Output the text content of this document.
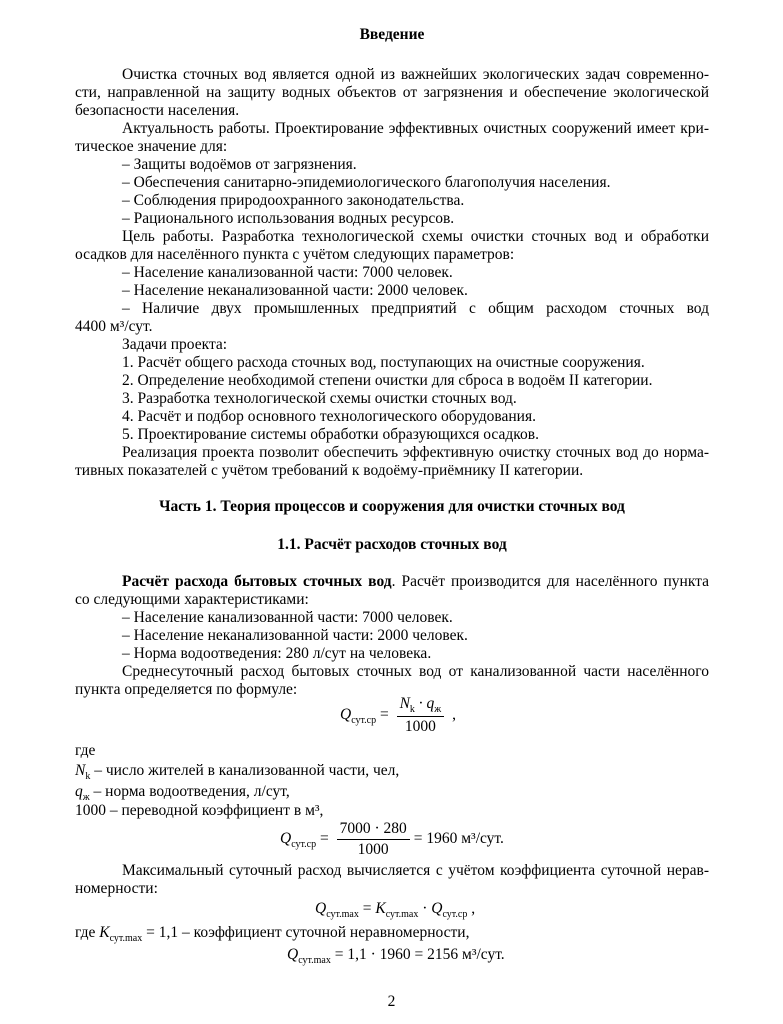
Введение
Очистка сточных вод является одной из важнейших экологических задач современно-
сти, направленной на защиту водных объектов от загрязнения и обеспечение экологической
безопасности населения.
Актуальность работы. Проектирование эффективных очистных сооружений имеет кри-
тическое значение для:
– Защиты водоёмов от загрязнения.
– Обеспечения санитарно-эпидемиологического благополучия населения.
– Соблюдения природоохранного законодательства.
– Рационального использования водных ресурсов.
Цель работы. Разработка технологической схемы очистки сточных вод и обработки
осадков для населённого пункта с учётом следующих параметров:
– Население канализованной части: 7000 человек.
– Население неканализованной части: 2000 человек.
– Наличие двух промышленных предприятий с общим расходом сточных вод
4400 м³/сут.
Задачи проекта:
1. Расчёт общего расхода сточных вод, поступающих на очистные сооружения.
2. Определение необходимой степени очистки для сброса в водоём II категории.
3. Разработка технологической схемы очистки сточных вод.
4. Расчёт и подбор основного технологического оборудования.
5. Проектирование системы обработки образующихся осадков.
Реализация проекта позволит обеспечить эффективную очистку сточных вод до норма-
тивных показателей с учётом требований к водоёму-приёмнику II категории.
Часть 1. Теория процессов и сооружения для очистки сточных вод
1.1. Расчёт расходов сточных вод
Расчёт расхода бытовых сточных вод. Расчёт производится для населённого пункта
со следующими характеристиками:
– Население канализованной части: 7000 человек.
– Население неканализованной части: 2000 человек.
– Норма водоотведения: 280 л/сут на человека.
Среднесуточный расход бытовых сточных вод от канализованной части населённого
пункта определяется по формуле:
$Q_{сут.ср} = \frac{N_k \cdot q_ж}{1000}$ ,
где
$N_k$ – число жителей в канализованной части, чел,
$q_ж$ – норма водоотведения, л/сут,
1000 – переводной коэффициент в м³,
$Q_{сут.ср} = \frac{7000 \cdot 280}{1000} = 1960$ м³/сут.
Максимальный суточный расход вычисляется с учётом коэффициента суточной нерав-
номерности:
$Q_{сут.max} = K_{сут.max} \cdot Q_{сут.ср}$ ,
где $K_{сут.max} = 1,1$ – коэффициент суточной неравномерности,
$Q_{сут.max} = 1,1 \cdot 1960 = 2156$ м³/сут.
2
